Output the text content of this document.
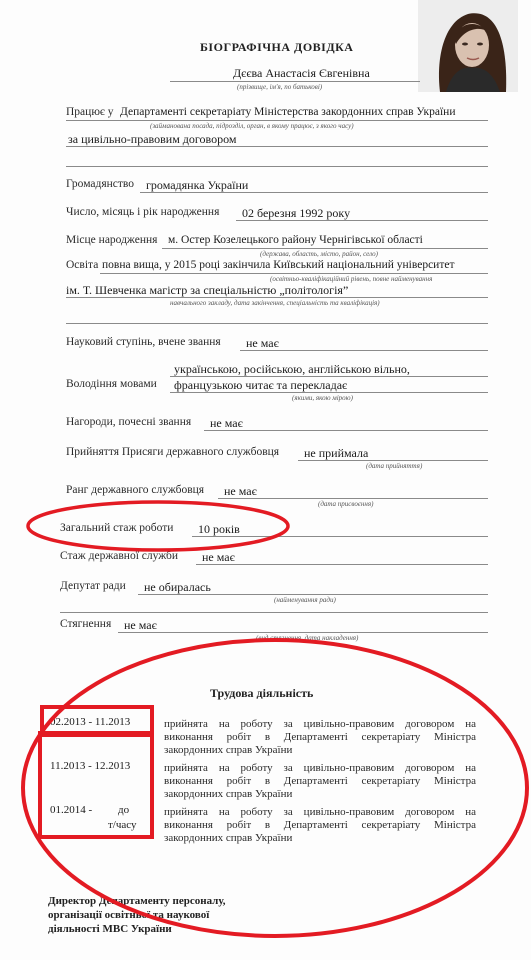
БІОГРАФІЧНА ДОВІДКА
Дєєва Анастасія Євгенівна
(прізвище, ім'я, по батькові)
Працює у Департаменті секретаріату Міністерства закордонних справ України
(займанована посада, підрозділ, орган, в якому працює, з якого часу)
за цивільно-правовим договором
Громадянство громадянка України
Число, місяць і рік народження 02 березня 1992 року
Місце народження м. Остер Козелецького району Чернігівської області
(держава, область, місто, район, село)
Освіта повна вища, у 2015 році закінчила Київський національний університет
(освітньо-кваліфікаційний рівень, повне найменування
ім. Т. Шевченка магістр за спеціальністю „політологія”
навчального закладу, дата закінчення, спеціальність та кваліфікація)
Науковий ступінь, вчене звання не має
українською, російською, англійською вільно,
Володіння мовами французькою читає та перекладає
(якими, якою мірою)
Нагороди, почесні звання не має
Прийняття Присяги державного службовця не приймала
(дата прийняття)
Ранг державного службовця не має
(дата присвоєння)
Загальний стаж роботи 10 років
Стаж державної служби не має
Депутат ради не обиралась
(найменування ради)
Стягнення не має
(вид стягнення, дата накладення)
Трудова діяльність
02.2013 - 11.2013	прийнята на роботу за цивільно-правовим договором на виконання робіт в Департаменті секретаріату Міністра закордонних справ України
11.2013 - 12.2013	прийнята на роботу за цивільно-правовим договором на виконання робіт в Департаменті секретаріату Міністра закордонних справ України
01.2014 - до
т/часу
прийнята на роботу за цивільно-правовим договором на виконання робіт в Департаменті секретаріату Міністра закордонних справ України
Директор Департаменту персоналу,
організації освітньої та наукової
діяльності МВС України
